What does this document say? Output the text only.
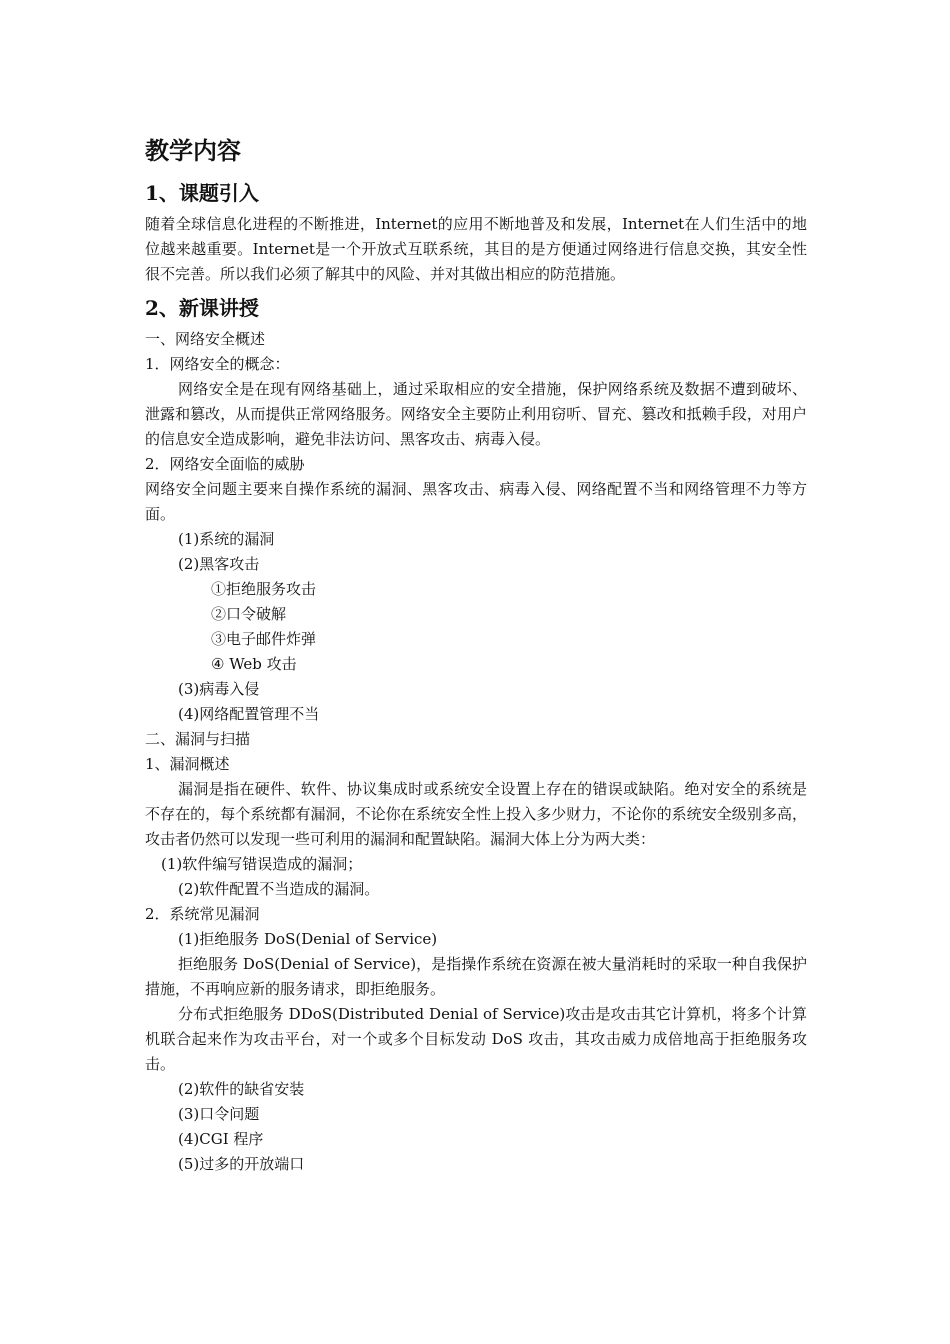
教学内容
1、课题引入

随着全球信息化进程的不断推进，Internet的应用不断地普及和发展，Internet在人们生活中的地位越来越重要。Internet是一个开放式互联系统，其目的是方便通过网络进行信息交换，其安全性很不完善。所以我们必须了解其中的风险、并对其做出相应的防范措施。

2、新课讲授

一、网络安全概述

1．网络安全的概念：

网络安全是在现有网络基础上，通过采取相应的安全措施，保护网络系统及数据不遭到破坏、泄露和篡改，从而提供正常网络服务。网络安全主要防止利用窃听、冒充、篡改和抵赖手段，对用户的信息安全造成影响，避免非法访问、黑客攻击、病毒入侵。

2．网络安全面临的威胁

网络安全问题主要来自操作系统的漏洞、黑客攻击、病毒入侵、网络配置不当和网络管理不力等方面。

(1)系统的漏洞

(2)黑客攻击

①拒绝服务攻击

②口令破解

③电子邮件炸弹

④ Web 攻击

(3)病毒入侵

(4)网络配置管理不当

二、漏洞与扫描

1、漏洞概述

漏洞是指在硬件、软件、协议集成时或系统安全设置上存在的错误或缺陷。绝对安全的系统是不存在的，每个系统都有漏洞，不论你在系统安全性上投入多少财力，不论你的系统安全级别多高，攻击者仍然可以发现一些可利用的漏洞和配置缺陷。漏洞大体上分为两大类：

(1)软件编写错误造成的漏洞；

(2)软件配置不当造成的漏洞。

2．系统常见漏洞

(1)拒绝服务 DoS(Denial of Service)

拒绝服务 DoS(Denial of Service)，是指操作系统在资源在被大量消耗时的采取一种自我保护措施，不再响应新的服务请求，即拒绝服务。

分布式拒绝服务 DDoS(Distributed Denial of Service)攻击是攻击其它计算机，将多个计算机联合起来作为攻击平台，对一个或多个目标发动 DoS 攻击，其攻击威力成倍地高于拒绝服务攻击。

(2)软件的缺省安装

(3)口令问题

(4)CGI 程序

(5)过多的开放端口
